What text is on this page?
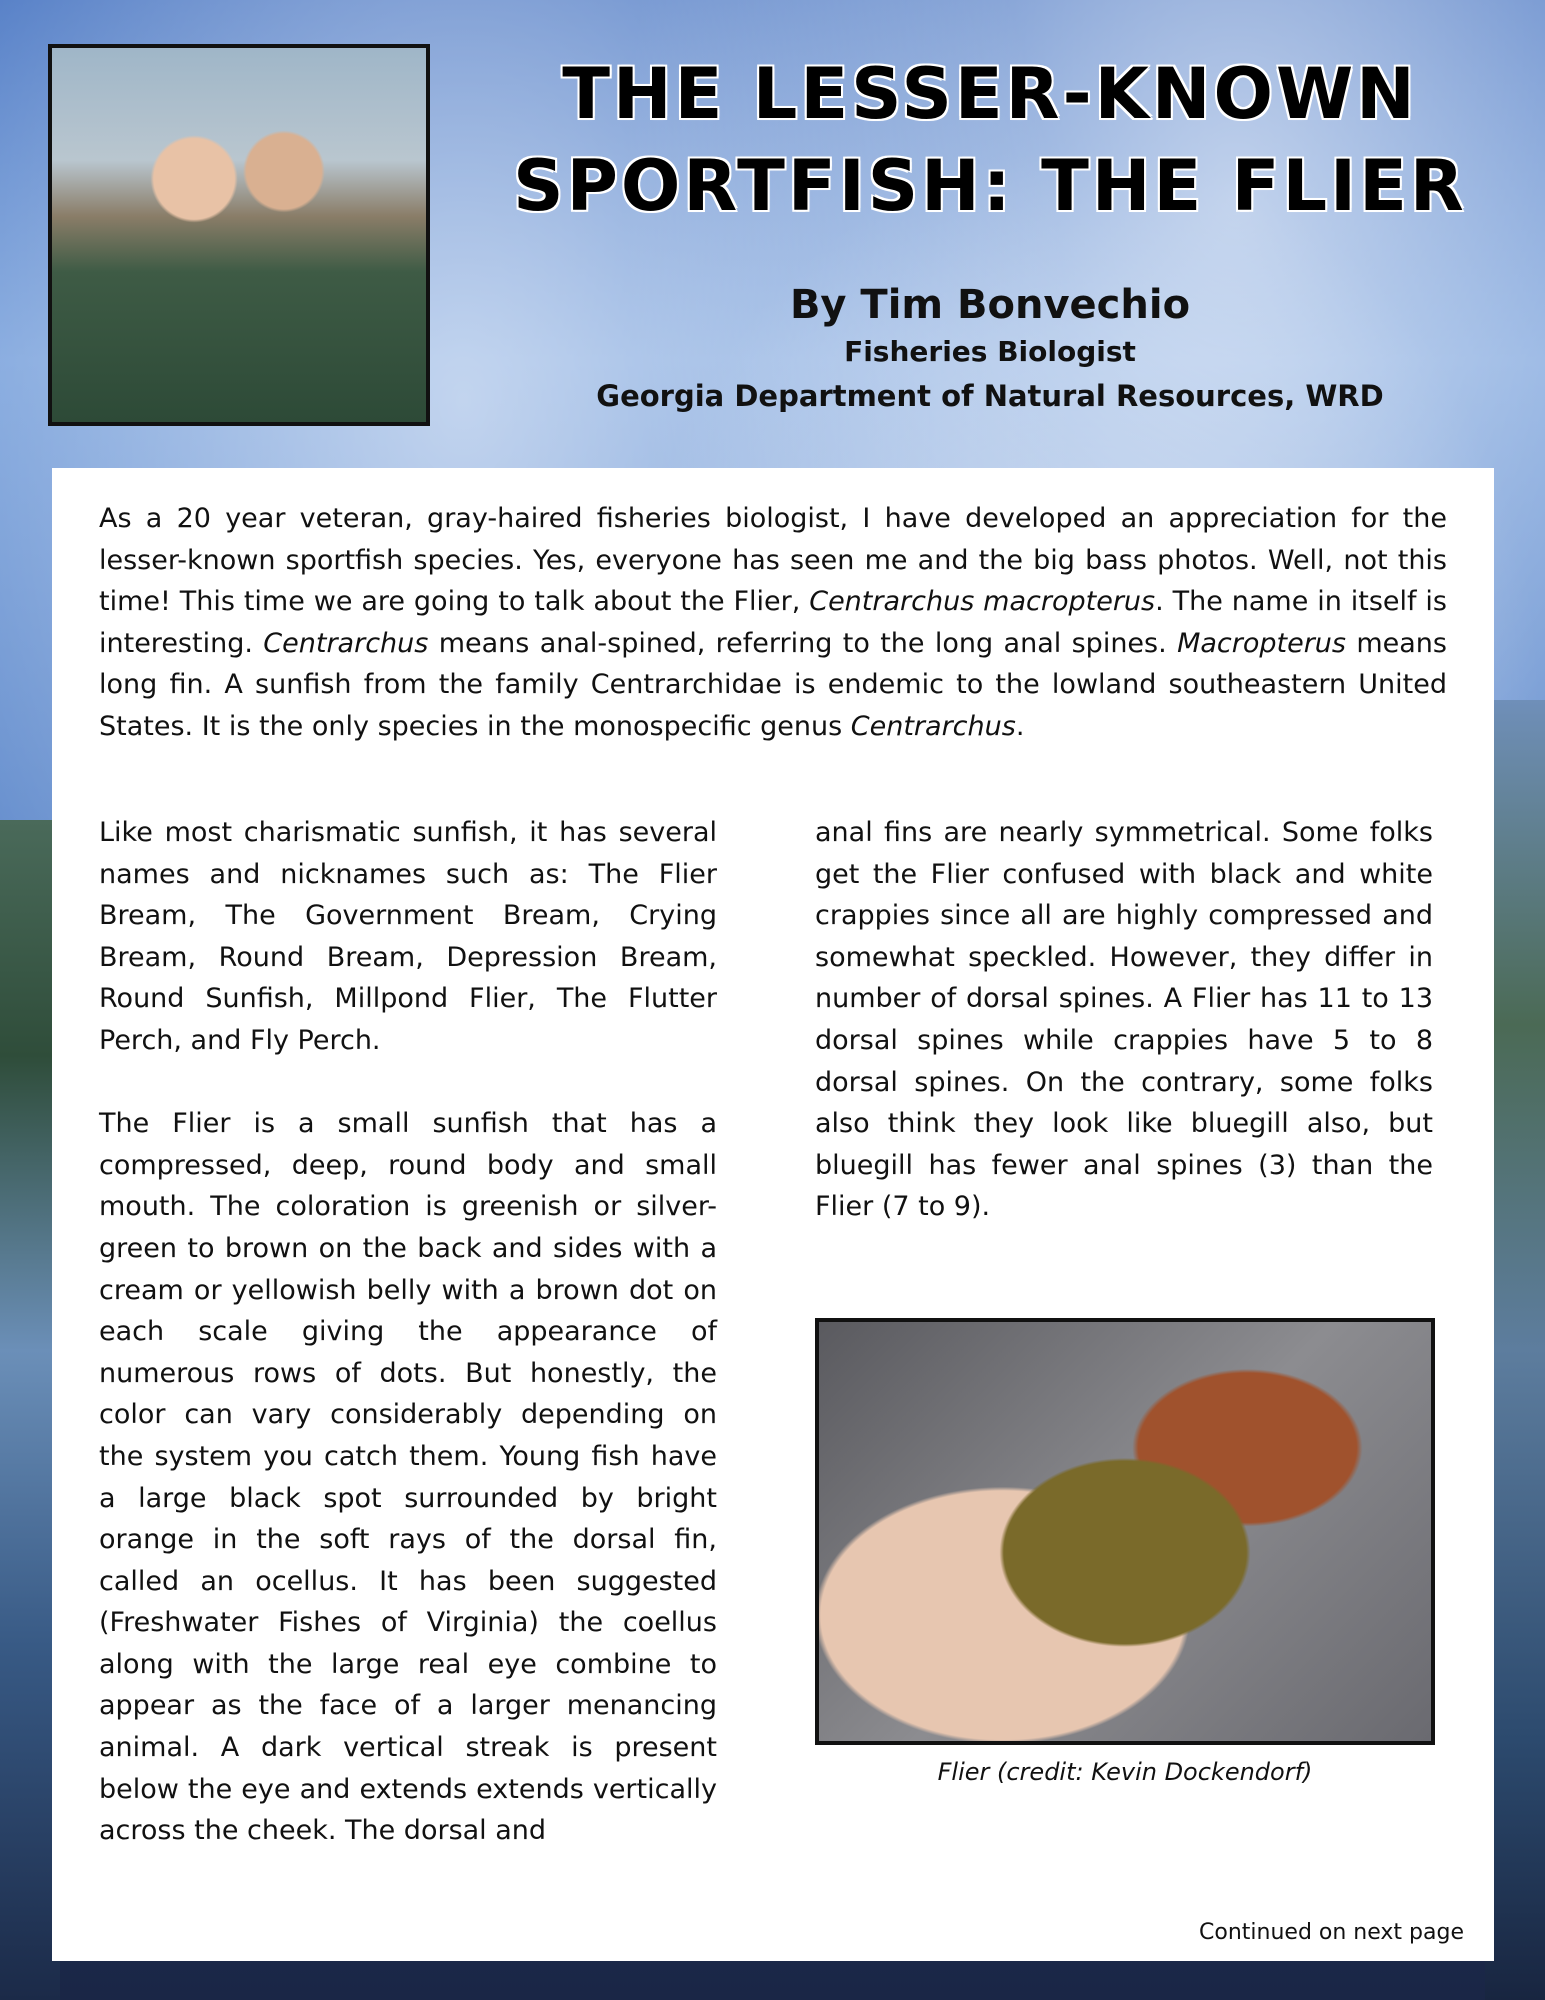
THE LESSER-KNOWN
SPORTFISH: THE FLIER
By Tim Bonvechio
Fisheries Biologist
Georgia Department of Natural Resources, WRD

As a 20 year veteran, gray-haired fisheries biologist, I have developed an appreciation for the lesser-known sportfish species. Yes, everyone has seen me and the big bass photos. Well, not this time! This time we are going to talk about the Flier, Centrarchus macropterus. The name in itself is interesting. Centrarchus means anal-spined, referring to the long anal spines. Macropterus means long fin. A sunfish from the family Centrarchidae is endemic to the lowland southeastern United States. It is the only species in the monospecific genus Centrarchus.

Like most charismatic sunfish, it has several names and nicknames such as: The Flier Bream, The Government Bream, Crying Bream, Round Bream, Depression Bream, Round Sunfish, Millpond Flier, The Flutter Perch, and Fly Perch.

The Flier is a small sunfish that has a compressed, deep, round body and small mouth. The coloration is greenish or silver-green to brown on the back and sides with a cream or yellowish belly with a brown dot on each scale giving the appearance of numerous rows of dots. But honestly, the color can vary considerably depending on the system you catch them. Young fish have a large black spot surrounded by bright orange in the soft rays of the dorsal fin, called an ocellus. It has been suggested (Freshwater Fishes of Virginia) the coellus along with the large real eye combine to appear as the face of a larger menancing animal. A dark vertical streak is present below the eye and extends extends vertically across the cheek. The dorsal and

anal fins are nearly symmetrical. Some folks get the Flier confused with black and white crappies since all are highly compressed and somewhat speckled. However, they differ in number of dorsal spines. A Flier has 11 to 13 dorsal spines while crappies have 5 to 8 dorsal spines. On the contrary, some folks also think they look like bluegill also, but bluegill has fewer anal spines (3) than the Flier (7 to 9).

Flier (credit: Kevin Dockendorf)
Continued on next page
